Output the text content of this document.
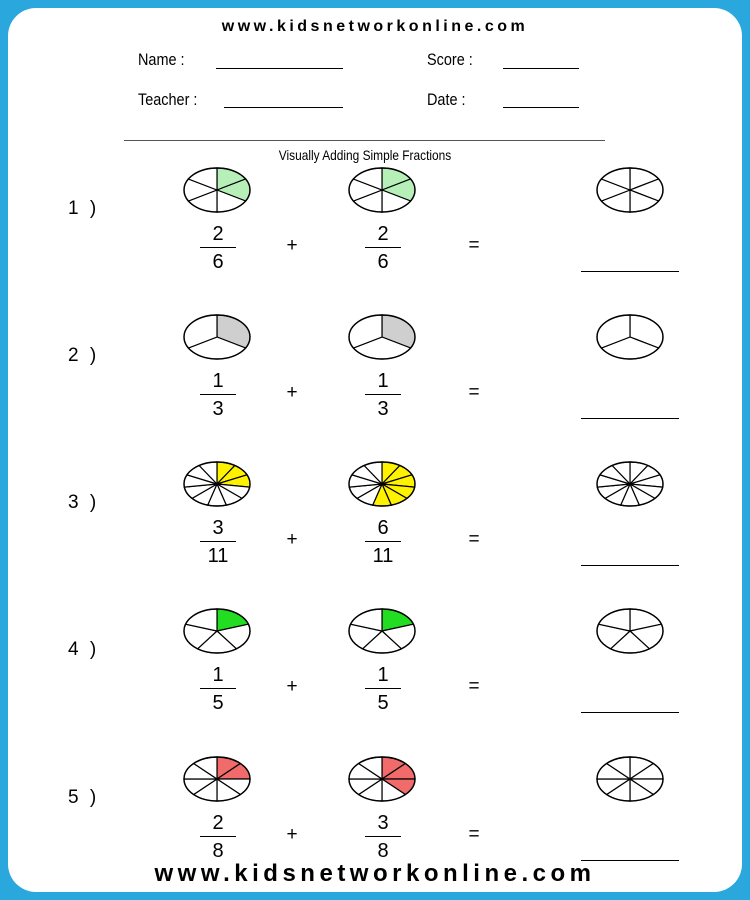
www.kidsnetworkonline.com
Name :	Score :
Teacher :	Date :
Visually Adding Simple Fractions
1 )
2
6
2
6
+	=
2 )
1
3
1
3
+	=
3 )
3
11
6
11
+	=
4 )
1
5
1
5
+	=
5 )
2
8
3
8
+	=
www.kidsnetworkonline.com
